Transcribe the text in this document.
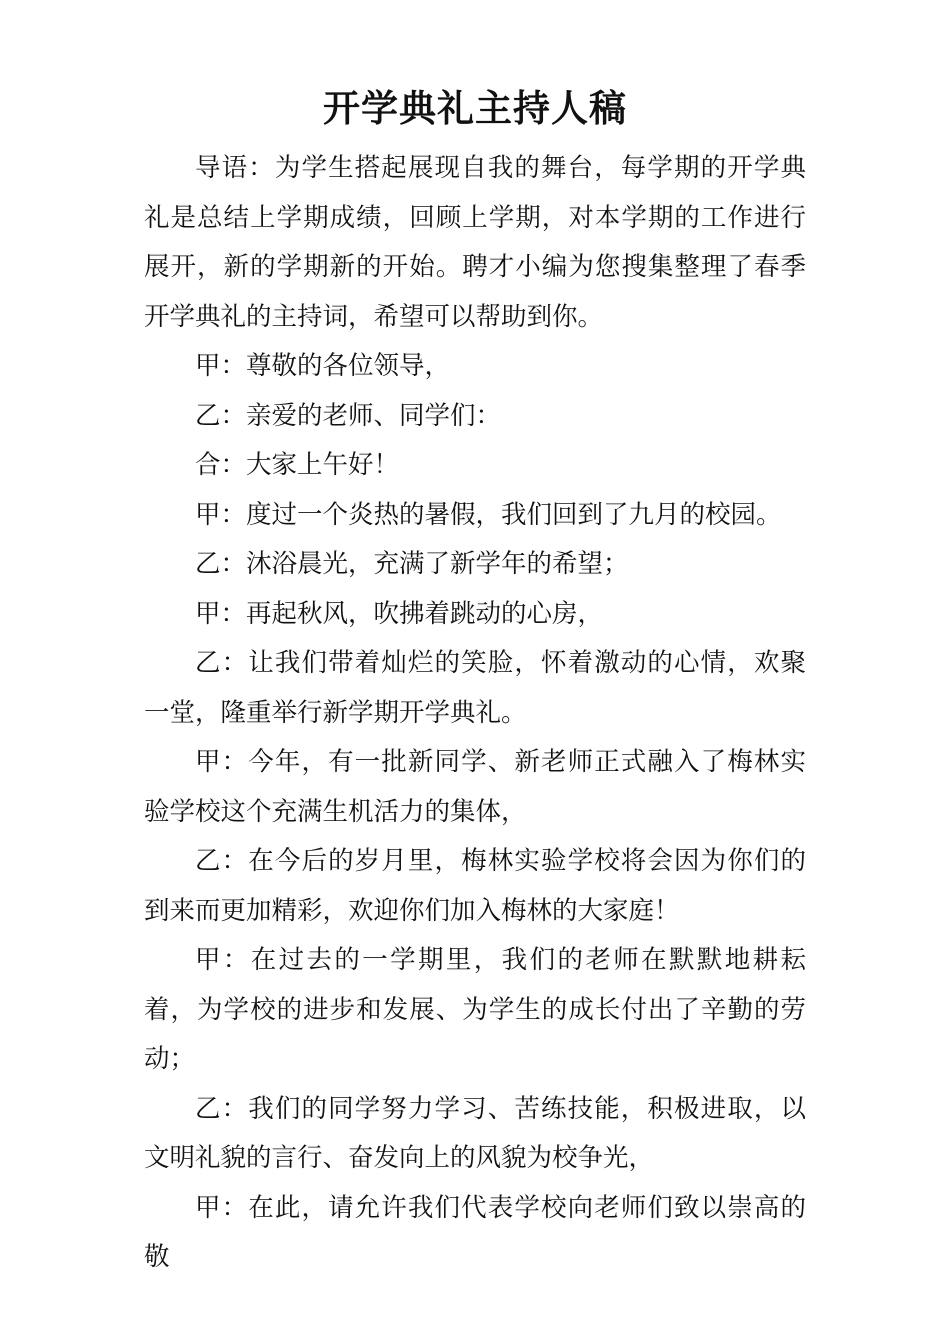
开学典礼主持人稿

导语：为学生搭起展现自我的舞台，每学期的开学典礼是总结上学期成绩，回顾上学期，对本学期的工作进行展开，新的学期新的开始。聘才小编为您搜集整理了春季开学典礼的主持词，希望可以帮助到你。

甲：尊敬的各位领导，

乙：亲爱的老师、同学们：

合：大家上午好！

甲：度过一个炎热的暑假，我们回到了九月的校园。

乙：沐浴晨光，充满了新学年的希望；

甲：再起秋风，吹拂着跳动的心房，

乙：让我们带着灿烂的笑脸，怀着激动的心情，欢聚一堂，隆重举行新学期开学典礼。

甲：今年，有一批新同学、新老师正式融入了梅林实验学校这个充满生机活力的集体，

乙：在今后的岁月里，梅林实验学校将会因为你们的到来而更加精彩，欢迎你们加入梅林的大家庭！

甲：在过去的一学期里，我们的老师在默默地耕耘着，为学校的进步和发展、为学生的成长付出了辛勤的劳动；

乙：我们的同学努力学习、苦练技能，积极进取，以文明礼貌的言行、奋发向上的风貌为校争光，

甲：在此，请允许我们代表学校向老师们致以崇高的敬
